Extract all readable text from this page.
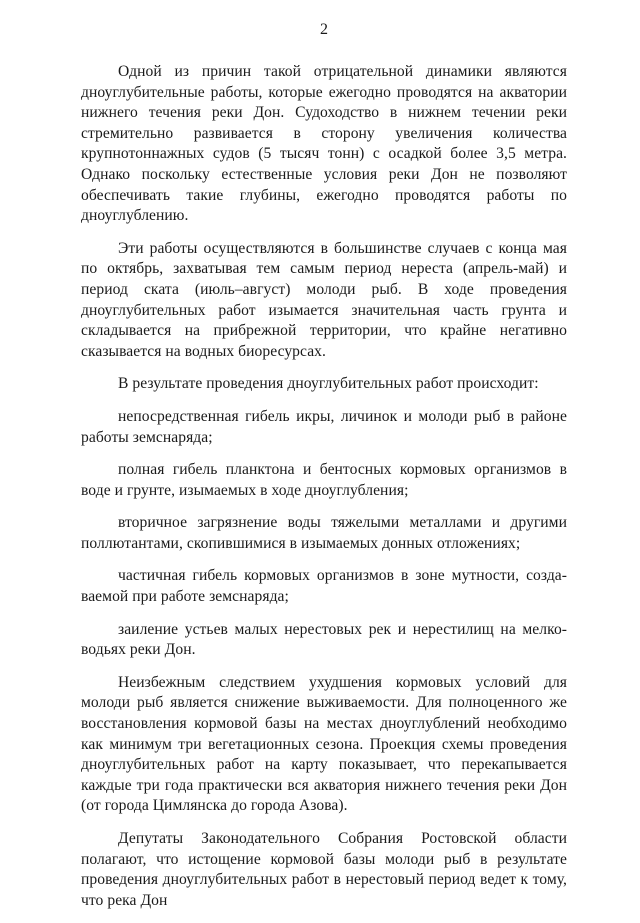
2

Одной из причин такой отрицательной динамики являются дноуглубительные работы, которые ежегодно проводятся на акватории нижнего течения реки Дон. Судоходство в нижнем течении реки стремительно развивается в сторону увеличения количества крупнотоннажных судов (5 тысяч тонн) с осадкой более 3,5 метра. Однако поскольку естественные условия реки Дон не позволяют обеспечивать такие глубины, ежегодно проводятся работы по дноуглублению.

Эти работы осуществляются в большинстве случаев с конца мая по октябрь, захватывая тем самым период нереста (апрель-май) и период ската (июль–август) молоди рыб. В ходе проведения дноуглубительных работ изымается значительная часть грунта и складывается на прибрежной территории, что крайне негативно сказывается на водных биоресурсах.

В результате проведения дноуглубительных работ происходит:

непосредственная гибель икры, личинок и молоди рыб в районе работы земснаряда;

полная гибель планктона и бентосных кормовых организмов в воде и грунте, изымаемых в ходе дноуглубления;

вторичное загрязнение воды тяжелыми металлами и другими поллютантами, скопившимися в изымаемых донных отложениях;

частичная гибель кормовых организмов в зоне мутности, создаваемой при работе земснаряда;

заиление устьев малых нерестовых рек и нерестилищ на мелководьях реки Дон.

Неизбежным следствием ухудшения кормовых условий для молоди рыб является снижение выживаемости. Для полноценного же восстановления кормовой базы на местах дноуглублений необходимо как минимум три вегетационных сезона. Проекция схемы проведения дноуглубительных работ на карту показывает, что перекапывается каждые три года практически вся акватория нижнего течения реки Дон (от города Цимлянска до города Азова).

Депутаты Законодательного Собрания Ростовской области полагают, что истощение кормовой базы молоди рыб в результате проведения дноуглубительных работ в нерестовый период ведет к тому, что река Дон
